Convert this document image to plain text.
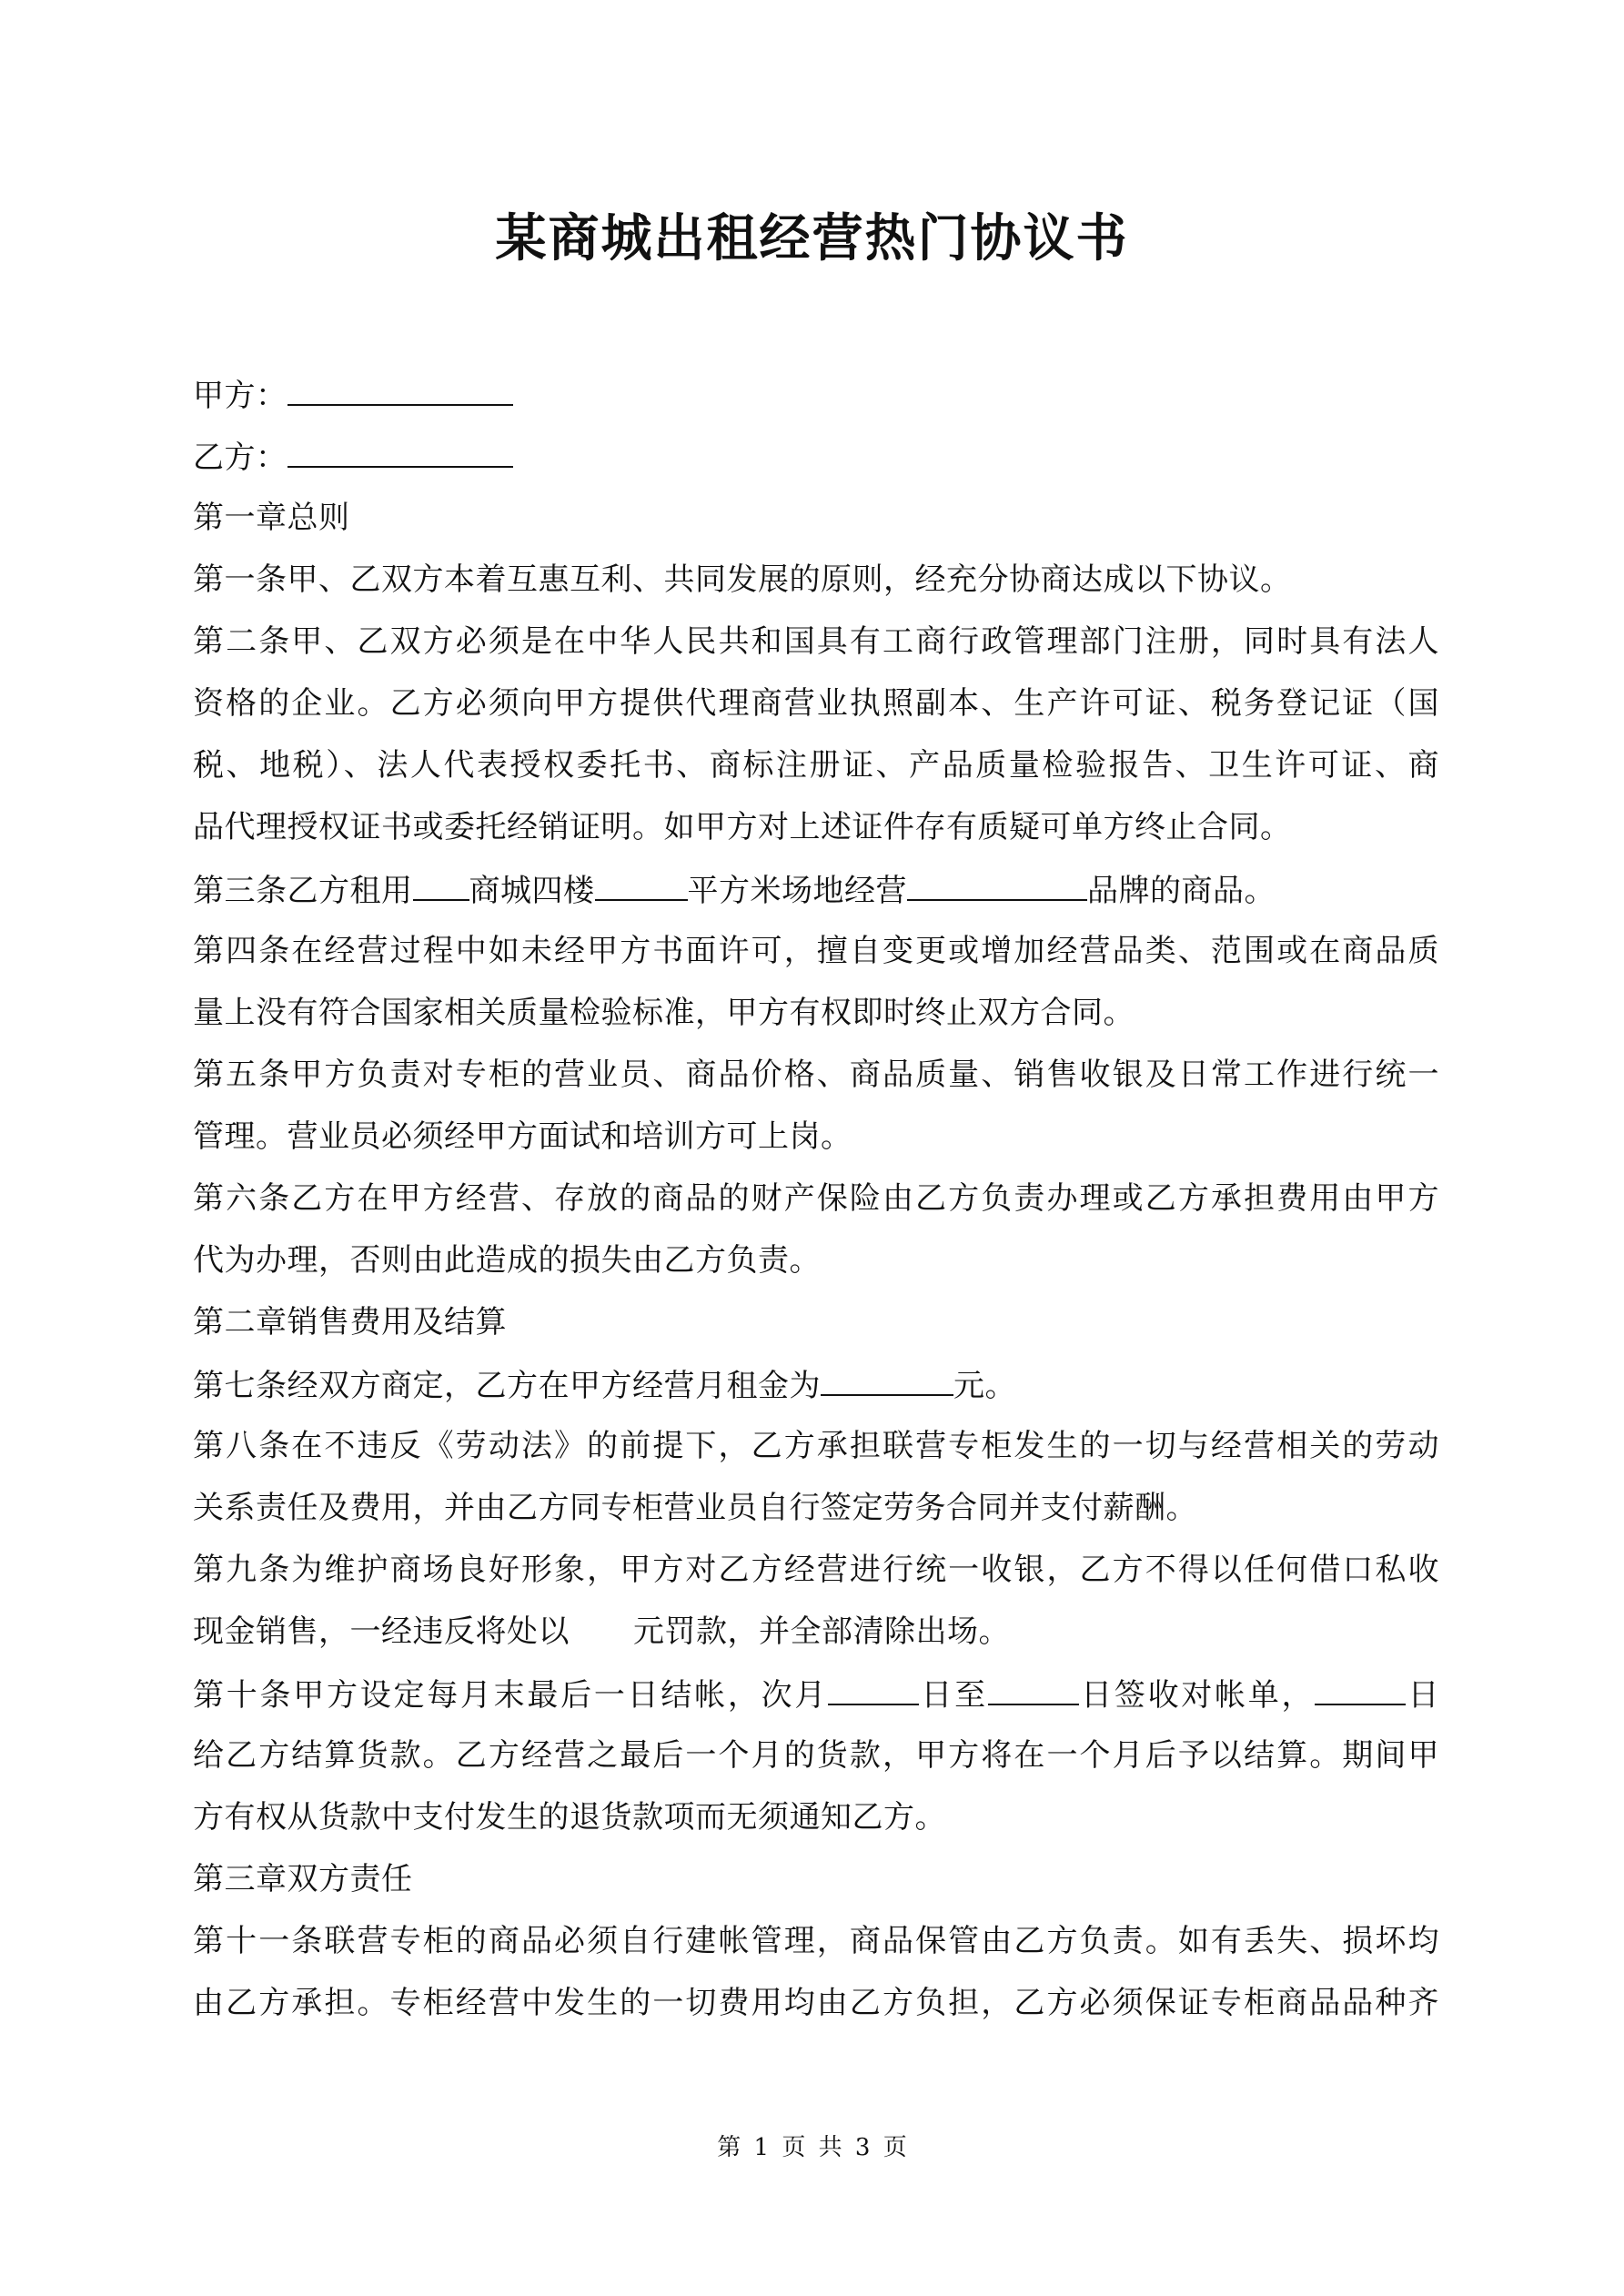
某商城出租经营热门协议书
甲方：
乙方：
第一章总则
第一条甲、乙双方本着互惠互利、共同发展的原则，经充分协商达成以下协议。
第二条甲、乙双方必须是在中华人民共和国具有工商行政管理部门注册，同时具有法人
资格的企业。乙方必须向甲方提供代理商营业执照副本、生产许可证、税务登记证（国
税、地税）、法人代表授权委托书、商标注册证、产品质量检验报告、卫生许可证、商
品代理授权证书或委托经销证明。如甲方对上述证件存有质疑可单方终止合同。
第三条乙方租用 商城四楼	平方米场地经营	品牌的商品。
第四条在经营过程中如未经甲方书面许可，擅自变更或增加经营品类、范围或在商品质
量上没有符合国家相关质量检验标准，甲方有权即时终止双方合同。
第五条甲方负责对专柜的营业员、商品价格、商品质量、销售收银及日常工作进行统一
管理。营业员必须经甲方面试和培训方可上岗。
第六条乙方在甲方经营、存放的商品的财产保险由乙方负责办理或乙方承担费用由甲方
代为办理，否则由此造成的损失由乙方负责。
第二章销售费用及结算
第七条经双方商定，乙方在甲方经营月租金为	元。
第八条在不违反《劳动法》的前提下，乙方承担联营专柜发生的一切与经营相关的劳动
关系责任及费用，并由乙方同专柜营业员自行签定劳务合同并支付薪酬。
第九条为维护商场良好形象，甲方对乙方经营进行统一收银，乙方不得以任何借口私收
现金销售，一经违反将处以 元罚款，并全部清除出场。
第十条甲方设定每月末最后一日结帐，次月	日至	日签收对帐单，	日
给乙方结算货款。乙方经营之最后一个月的货款，甲方将在一个月后予以结算。期间甲
方有权从货款中支付发生的退货款项而无须通知乙方。
第三章双方责任
第十一条联营专柜的商品必须自行建帐管理，商品保管由乙方负责。如有丢失、损坏均
由乙方承担。专柜经营中发生的一切费用均由乙方负担，乙方必须保证专柜商品品种齐
第 1 页 共 3 页
